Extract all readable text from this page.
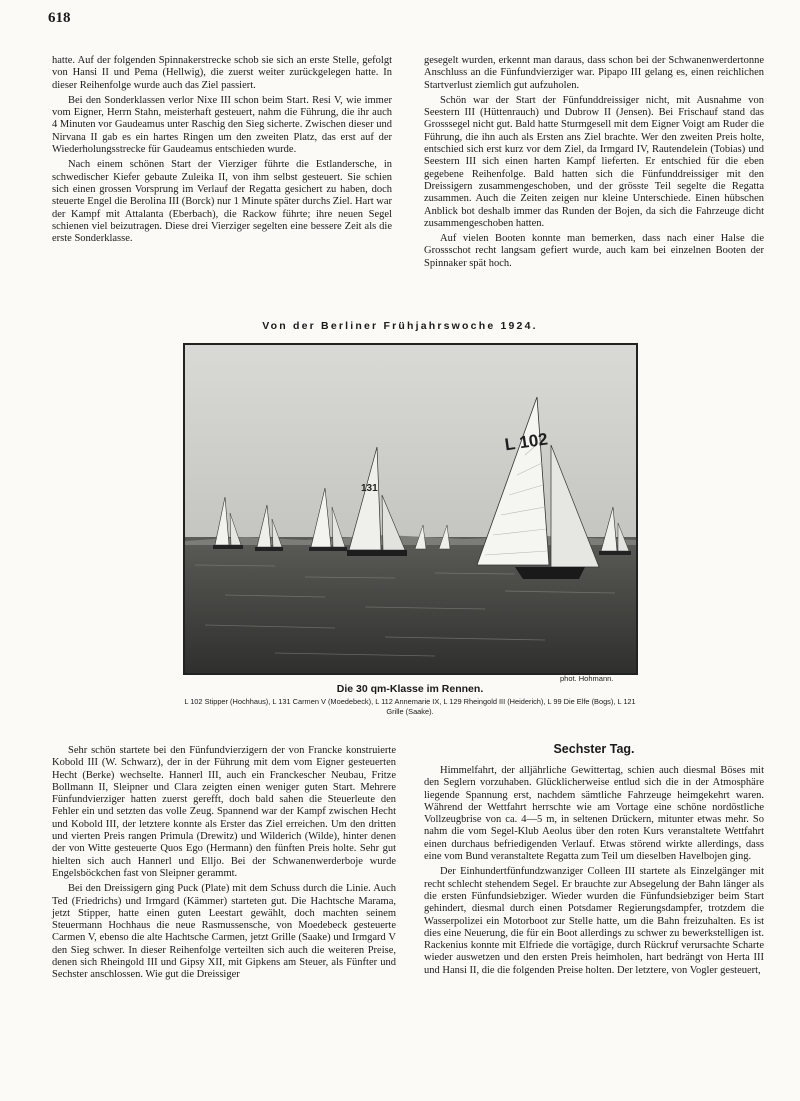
618

hatte. Auf der folgenden Spinnakerstrecke schob sie sich an erste Stelle, gefolgt von Hansi II und Pema (Hellwig), die zuerst weiter zurückgelegen hatte. In dieser Reihenfolge wurde auch das Ziel passiert.

Bei den Sonderklassen verlor Nixe III schon beim Start. Resi V, wie immer vom Eigner, Herrn Stahn, meisterhaft gesteuert, nahm die Führung, die ihr auch 4 Minuten vor Gaudeamus unter Raschig den Sieg sicherte. Zwischen dieser und Nirvana II gab es ein hartes Ringen um den zweiten Platz, das erst auf der Wiederholungsstrecke für Gaudeamus entschieden wurde.

Nach einem schönen Start der Vierziger führte die Estlandersche, in schwedischer Kiefer gebaute Zuleika II, von ihm selbst gesteuert. Sie schien sich einen grossen Vorsprung im Verlauf der Regatta gesichert zu haben, doch steuerte Engel die Berolina III (Borck) nur 1 Minute später durchs Ziel. Hart war der Kampf mit Attalanta (Eberbach), die Rackow führte; ihre neuen Segel schienen viel beizutragen. Diese drei Vierziger segelten eine bessere Zeit als die erste Sonderklasse.

gesegelt wurden, erkennt man daraus, dass schon bei der Schwanenwerdertonne Anschluss an die Fünfundvierziger war. Pipapo III gelang es, einen reichlichen Startverlust ziemlich gut aufzuholen.

Schön war der Start der Fünfunddreissiger nicht, mit Ausnahme von Seestern III (Hüttenrauch) und Dubrow II (Jensen). Bei Frischauf stand das Grosssegel nicht gut. Bald hatte Sturmgesell mit dem Eigner Voigt am Ruder die Führung, die ihn auch als Ersten ans Ziel brachte. Wer den zweiten Preis holte, entschied sich erst kurz vor dem Ziel, da Irmgard IV, Rautendelein (Tobias) und Seestern III sich einen harten Kampf lieferten. Er entschied für die eben gegebene Reihenfolge. Bald hatten sich die Fünfunddreissiger mit den Dreissigern zusammengeschoben, und der grösste Teil segelte die Regatta zusammen. Auch die Zeiten zeigen nur kleine Unterschiede. Einen hübschen Anblick bot deshalb immer das Runden der Bojen, da sich die Fahrzeuge dicht zusammengeschoben hatten.

Auf vielen Booten konnte man bemerken, dass nach einer Halse die Grossschot recht langsam gefiert wurde, auch kam bei einzelnen Booten der Spinnaker spät hoch.

Von der Berliner Frühjahrswoche 1924.
131
L 102
phot. Hohmann.
Die 30 qm-Klasse im Rennen.
L 102 Stipper (Hochhaus), L 131 Carmen V (Moedebeck), L 112 Annemarie IX, L 129 Rheingold III (Heiderich), L 99 Die Elfe (Bogs), L 121 Grille (Saake).

Sehr schön startete bei den Fünfundvierzigern der von Francke konstruierte Kobold III (W. Schwarz), der in der Führung mit dem vom Eigner gesteuerten Hecht (Berke) wechselte. Hannerl III, auch ein Franckescher Neubau, Fritze Bollmann II, Sleipner und Clara zeigten einen weniger guten Start. Mehrere Fünfundvierziger hatten zuerst gerefft, doch bald sahen die Steuerleute den Fehler ein und setzten das volle Zeug. Spannend war der Kampf zwischen Hecht und Kobold III, der letztere konnte als Erster das Ziel erreichen. Um den dritten und vierten Preis rangen Primula (Drewitz) und Wilderich (Wilde), hinter denen der von Witte gesteuerte Quos Ego (Hermann) den fünften Preis holte. Sehr gut hielten sich auch Hannerl und Elljo. Bei der Schwanenwerderboje wurde Engelsböckchen fast von Sleipner gerammt.

Bei den Dreissigern ging Puck (Plate) mit dem Schuss durch die Linie. Auch Ted (Friedrichs) und Irmgard (Kämmer) starteten gut. Die Hachtsche Marama, jetzt Stipper, hatte einen guten Leestart gewählt, doch machten seinem Steuermann Hochhaus die neue Rasmussensche, von Moedebeck gesteuerte Carmen V, ebenso die alte Hachtsche Carmen, jetzt Grille (Saake) und Irmgard V den Sieg schwer. In dieser Reihenfolge verteilten sich auch die weiteren Preise, denen sich Rheingold III und Gipsy XII, mit Gipkens am Steuer, als Fünfter und Sechster anschlossen. Wie gut die Dreissiger

Sechster Tag.

Himmelfahrt, der alljährliche Gewittertag, schien auch diesmal Böses mit den Seglern vorzuhaben. Glücklicherweise entlud sich die in der Atmosphäre liegende Spannung erst, nachdem sämtliche Fahrzeuge heimgekehrt waren. Während der Wettfahrt herrschte wie am Vortage eine schöne nordöstliche Vollzeugbrise von ca. 4—5 m, in seltenen Drückern, mitunter etwas mehr. So nahm die vom Segel-Klub Aeolus über den roten Kurs veranstaltete Wettfahrt einen durchaus befriedigenden Verlauf. Etwas störend wirkte allerdings, dass eine vom Bund veranstaltete Regatta zum Teil um dieselben Havelbojen ging.

Der Einhundertfünfundzwanziger Colleen III startete als Einzelgänger mit recht schlecht stehendem Segel. Er brauchte zur Absegelung der Bahn länger als die ersten Fünfundsiebziger. Wieder wurden die Fünfundsiebziger beim Start gehindert, diesmal durch einen Potsdamer Regierungsdampfer, trotzdem die Wasserpolizei ein Motorboot zur Stelle hatte, um die Bahn freizuhalten. Es ist dies eine Neuerung, die für ein Boot allerdings zu schwer zu bewerkstelligen ist. Rackenius konnte mit Elfriede die vortägige, durch Rückruf verursachte Scharte wieder auswetzen und den ersten Preis heimholen, hart bedrängt von Herta III und Hansi II, die die folgenden Preise holten. Der letztere, von Vogler gesteuert,
